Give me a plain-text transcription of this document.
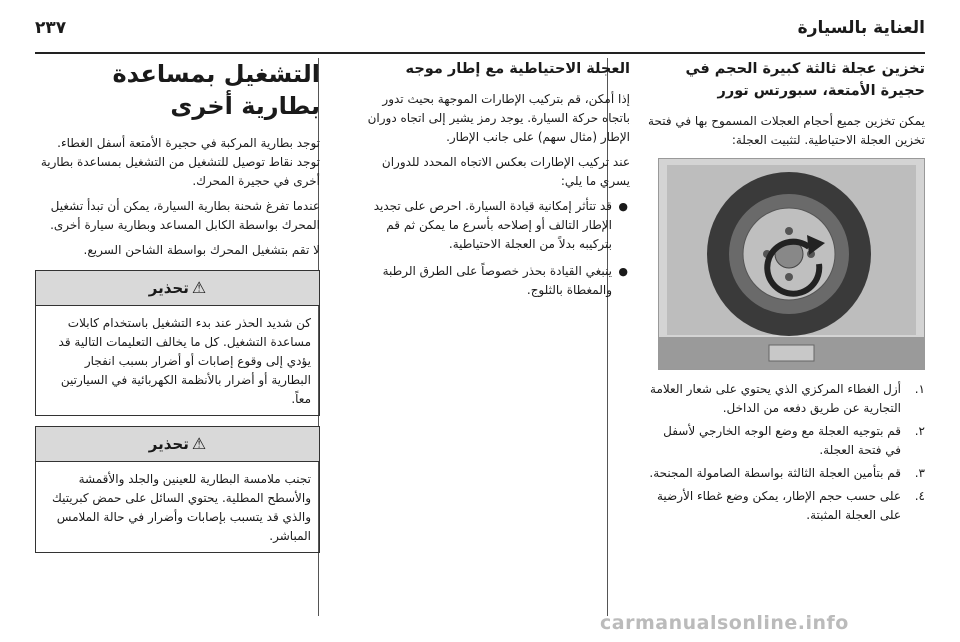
العناية بالسيارة
٢٣٧
تخزين عجلة ثالثة كبيرة الحجم في حجيرة الأمتعة، سبورتس تورر

يمكن تخزين جميع أحجام العجلات المسموح بها في فتحة تخزين العجلة الاحتياطية. لتثبيت العجلة:

١.
أزل الغطاء المركزي الذي يحتوي على شعار العلامة التجارية عن طريق دفعه من الداخل.
٢.
قم بتوجيه العجلة مع وضع الوجه الخارجي لأسفل في فتحة العجلة.
٣.
قم بتأمين العجلة الثالثة بواسطة الصامولة المجنحة.
٤.
على حسب حجم الإطار، يمكن وضع غطاء الأرضية على العجلة المثبتة.
العجلة الاحتياطية مع إطار موجه

إذا أمكن، قم بتركيب الإطارات الموجهة بحيث تدور باتجاه حركة السيارة. يوجد رمز يشير إلى اتجاه دوران الإطار (مثال سهم) على جانب الإطار.

عند تركيب الإطارات بعكس الاتجاه المحدد للدوران يسري ما يلي:

●
قد تتأثر إمكانية قيادة السيارة. احرص على تجديد الإطار التالف أو إصلاحه بأسرع ما يمكن ثم قم بتركيبه بدلاً من العجلة الاحتياطية.
●
ينبغي القيادة بحذر خصوصاً على الطرق الرطبة والمغطاة بالثلوج.
التشغيل بمساعدة بطارية أخرى

توجد بطارية المركبة في حجيرة الأمتعة أسفل الغطاء. توجد نقاط توصيل للتشغيل من التشغيل بمساعدة بطارية أخرى في حجيرة المحرك.

عندما تفرغ شحنة بطارية السيارة، يمكن أن تبدأ تشغيل المحرك بواسطة الكابل المساعد وبطارية سيارة أخرى.

لا تقم بتشغيل المحرك بواسطة الشاحن السريع.

⚠تحذير
كن شديد الحذر عند بدء التشغيل باستخدام كابلات مساعدة التشغيل. كل ما يخالف التعليمات التالية قد يؤدي إلى وقوع إصابات أو أضرار بسبب انفجار البطارية أو أضرار بالأنظمة الكهربائية في السيارتين معاً.
⚠تحذير
تجنب ملامسة البطارية للعينين والجلد والأقمشة والأسطح المطلية. يحتوي السائل على حمض كبريتيك والذي قد يتسبب بإصابات وأضرار في حالة الملامس المباشر.
carmanualsonline.info
